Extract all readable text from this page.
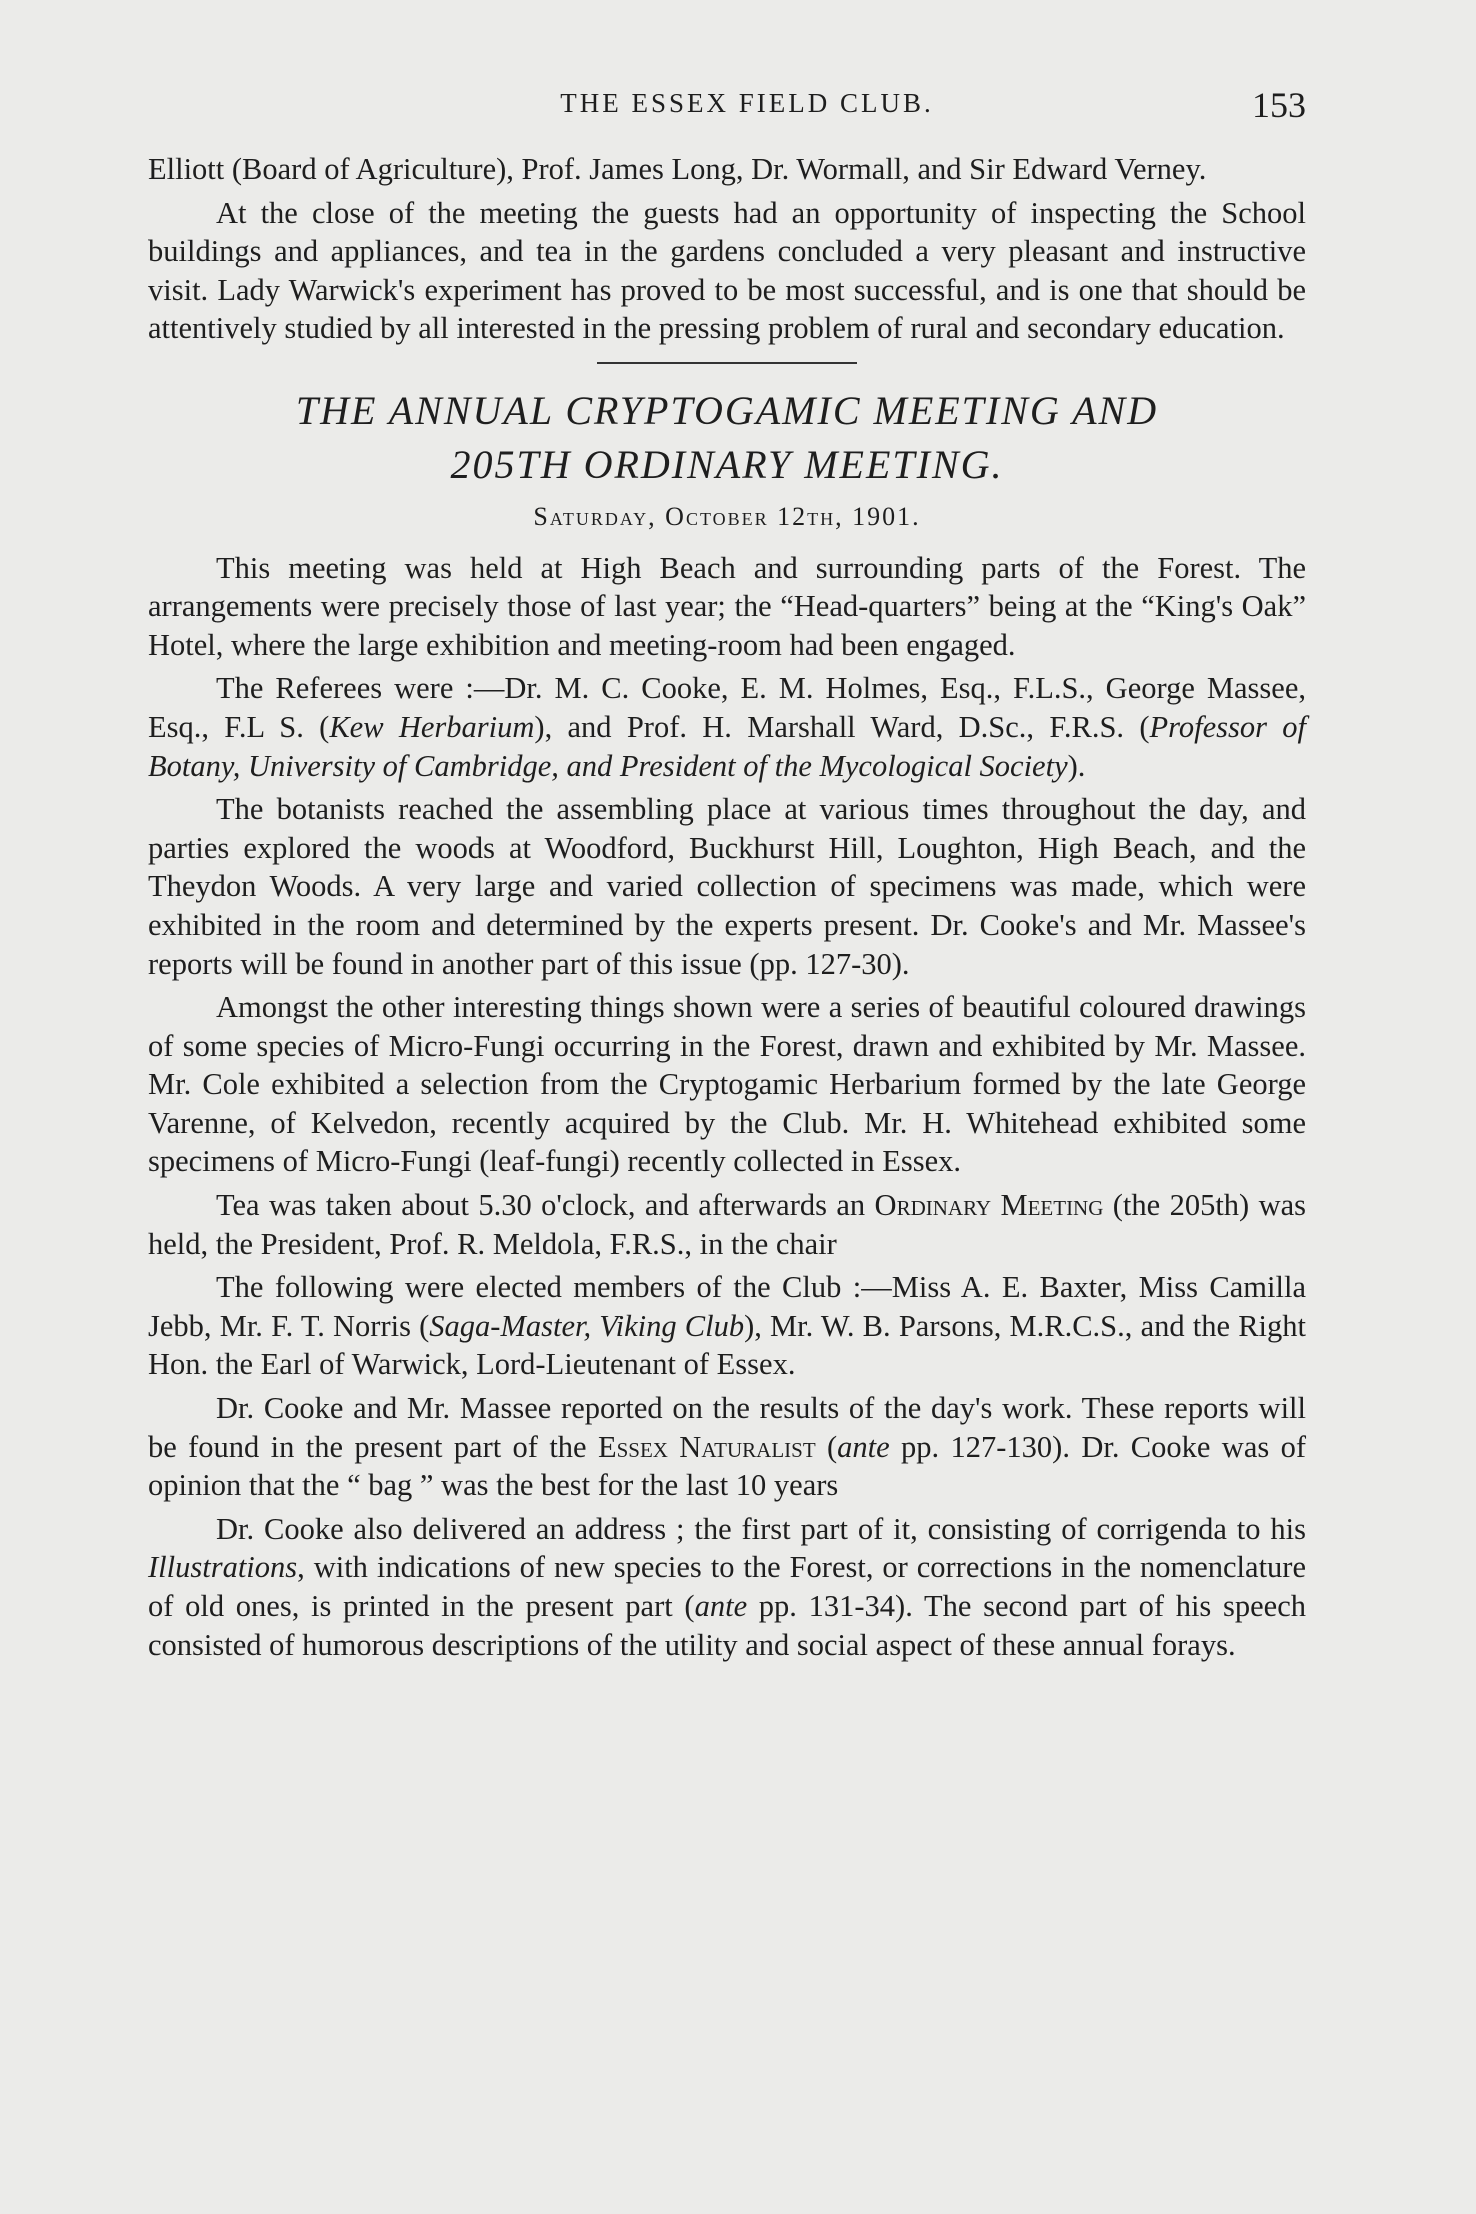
THE ESSEX FIELD CLUB.	153

Elliott (Board of Agriculture), Prof. James Long, Dr. Wormall, and Sir Edward Verney.

At the close of the meeting the guests had an opportunity of inspecting the School buildings and appliances, and tea in the gardens concluded a very pleasant and instructive visit. Lady Warwick's experiment has proved to be most successful, and is one that should be attentively studied by all interested in the pressing problem of rural and secondary education.

THE ANNUAL CRYPTOGAMIC MEETING AND
205TH ORDINARY MEETING.
Saturday, October 12th, 1901.

This meeting was held at High Beach and surrounding parts of the Forest. The arrangements were precisely those of last year; the “Head-quarters” being at the “King's Oak” Hotel, where the large exhibition and meeting-room had been engaged.

The Referees were :—Dr. M. C. Cooke, E. M. Holmes, Esq., F.L.S., George Massee, Esq., F.L S. (Kew Herbarium), and Prof. H. Marshall Ward, D.Sc., F.R.S. (Professor of Botany, University of Cambridge, and President of the Mycological Society).

The botanists reached the assembling place at various times throughout the day, and parties explored the woods at Woodford, Buckhurst Hill, Loughton, High Beach, and the Theydon Woods. A very large and varied collection of specimens was made, which were exhibited in the room and determined by the experts present. Dr. Cooke's and Mr. Massee's reports will be found in another part of this issue (pp. 127-30).

Amongst the other interesting things shown were a series of beautiful coloured drawings of some species of Micro-Fungi occurring in the Forest, drawn and exhibited by Mr. Massee. Mr. Cole exhibited a selection from the Cryptogamic Herbarium formed by the late George Varenne, of Kelvedon, recently acquired by the Club. Mr. H. Whitehead exhibited some specimens of Micro-Fungi (leaf-fungi) recently collected in Essex.

Tea was taken about 5.30 o'clock, and afterwards an Ordinary Meeting (the 205th) was held, the President, Prof. R. Meldola, F.R.S., in the chair

The following were elected members of the Club :—Miss A. E. Baxter, Miss Camilla Jebb, Mr. F. T. Norris (Saga-Master, Viking Club), Mr. W. B. Parsons, M.R.C.S., and the Right Hon. the Earl of Warwick, Lord-Lieutenant of Essex.

Dr. Cooke and Mr. Massee reported on the results of the day's work. These reports will be found in the present part of the Essex Naturalist (ante pp. 127-130). Dr. Cooke was of opinion that the “ bag ” was the best for the last 10 years

Dr. Cooke also delivered an address ; the first part of it, consisting of corrigenda to his Illustrations, with indications of new species to the Forest, or corrections in the nomenclature of old ones, is printed in the present part (ante pp. 131-34). The second part of his speech consisted of humorous descriptions of the utility and social aspect of these annual forays.
